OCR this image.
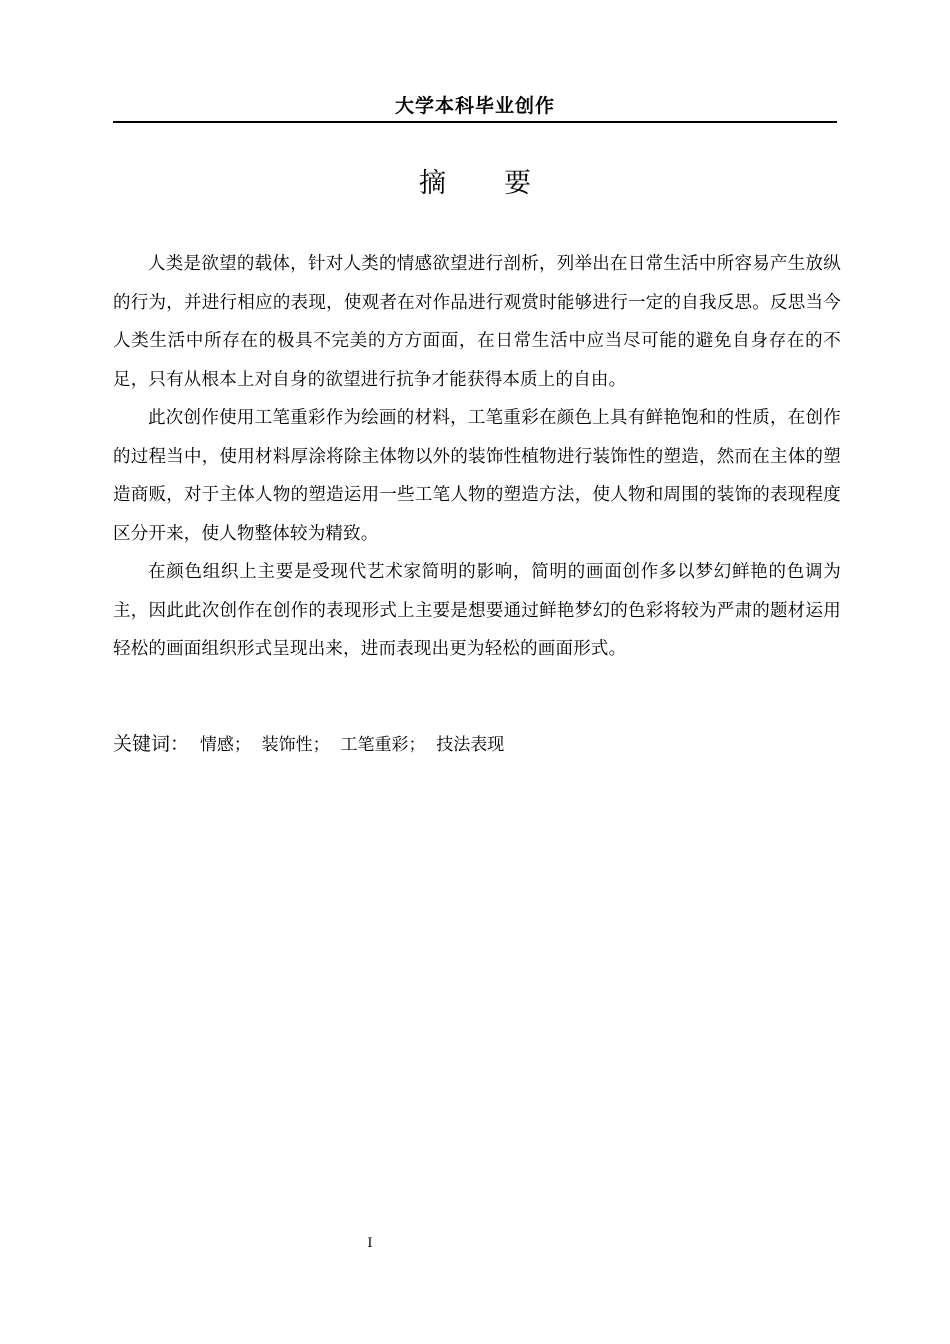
大学本科毕业创作
摘 要

人类是欲望的载体，针对人类的情感欲望进行剖析，列举出在日常生活中所容易产生放纵的行为，并进行相应的表现，使观者在对作品进行观赏时能够进行一定的自我反思。反思当今人类生活中所存在的极具不完美的方方面面，在日常生活中应当尽可能的避免自身存在的不足，只有从根本上对自身的欲望进行抗争才能获得本质上的自由。

此次创作使用工笔重彩作为绘画的材料，工笔重彩在颜色上具有鲜艳饱和的性质，在创作的过程当中，使用材料厚涂将除主体物以外的装饰性植物进行装饰性的塑造，然而在主体的塑造商贩，对于主体人物的塑造运用一些工笔人物的塑造方法，使人物和周围的装饰的表现程度区分开来，使人物整体较为精致。

在颜色组织上主要是受现代艺术家简明的影响，简明的画面创作多以梦幻鲜艳的色调为主，因此此次创作在创作的表现形式上主要是想要通过鲜艳梦幻的色彩将较为严肃的题材运用轻松的画面组织形式呈现出来，进而表现出更为轻松的画面形式。

关键词： 情感； 装饰性； 工笔重彩； 技法表现
I
